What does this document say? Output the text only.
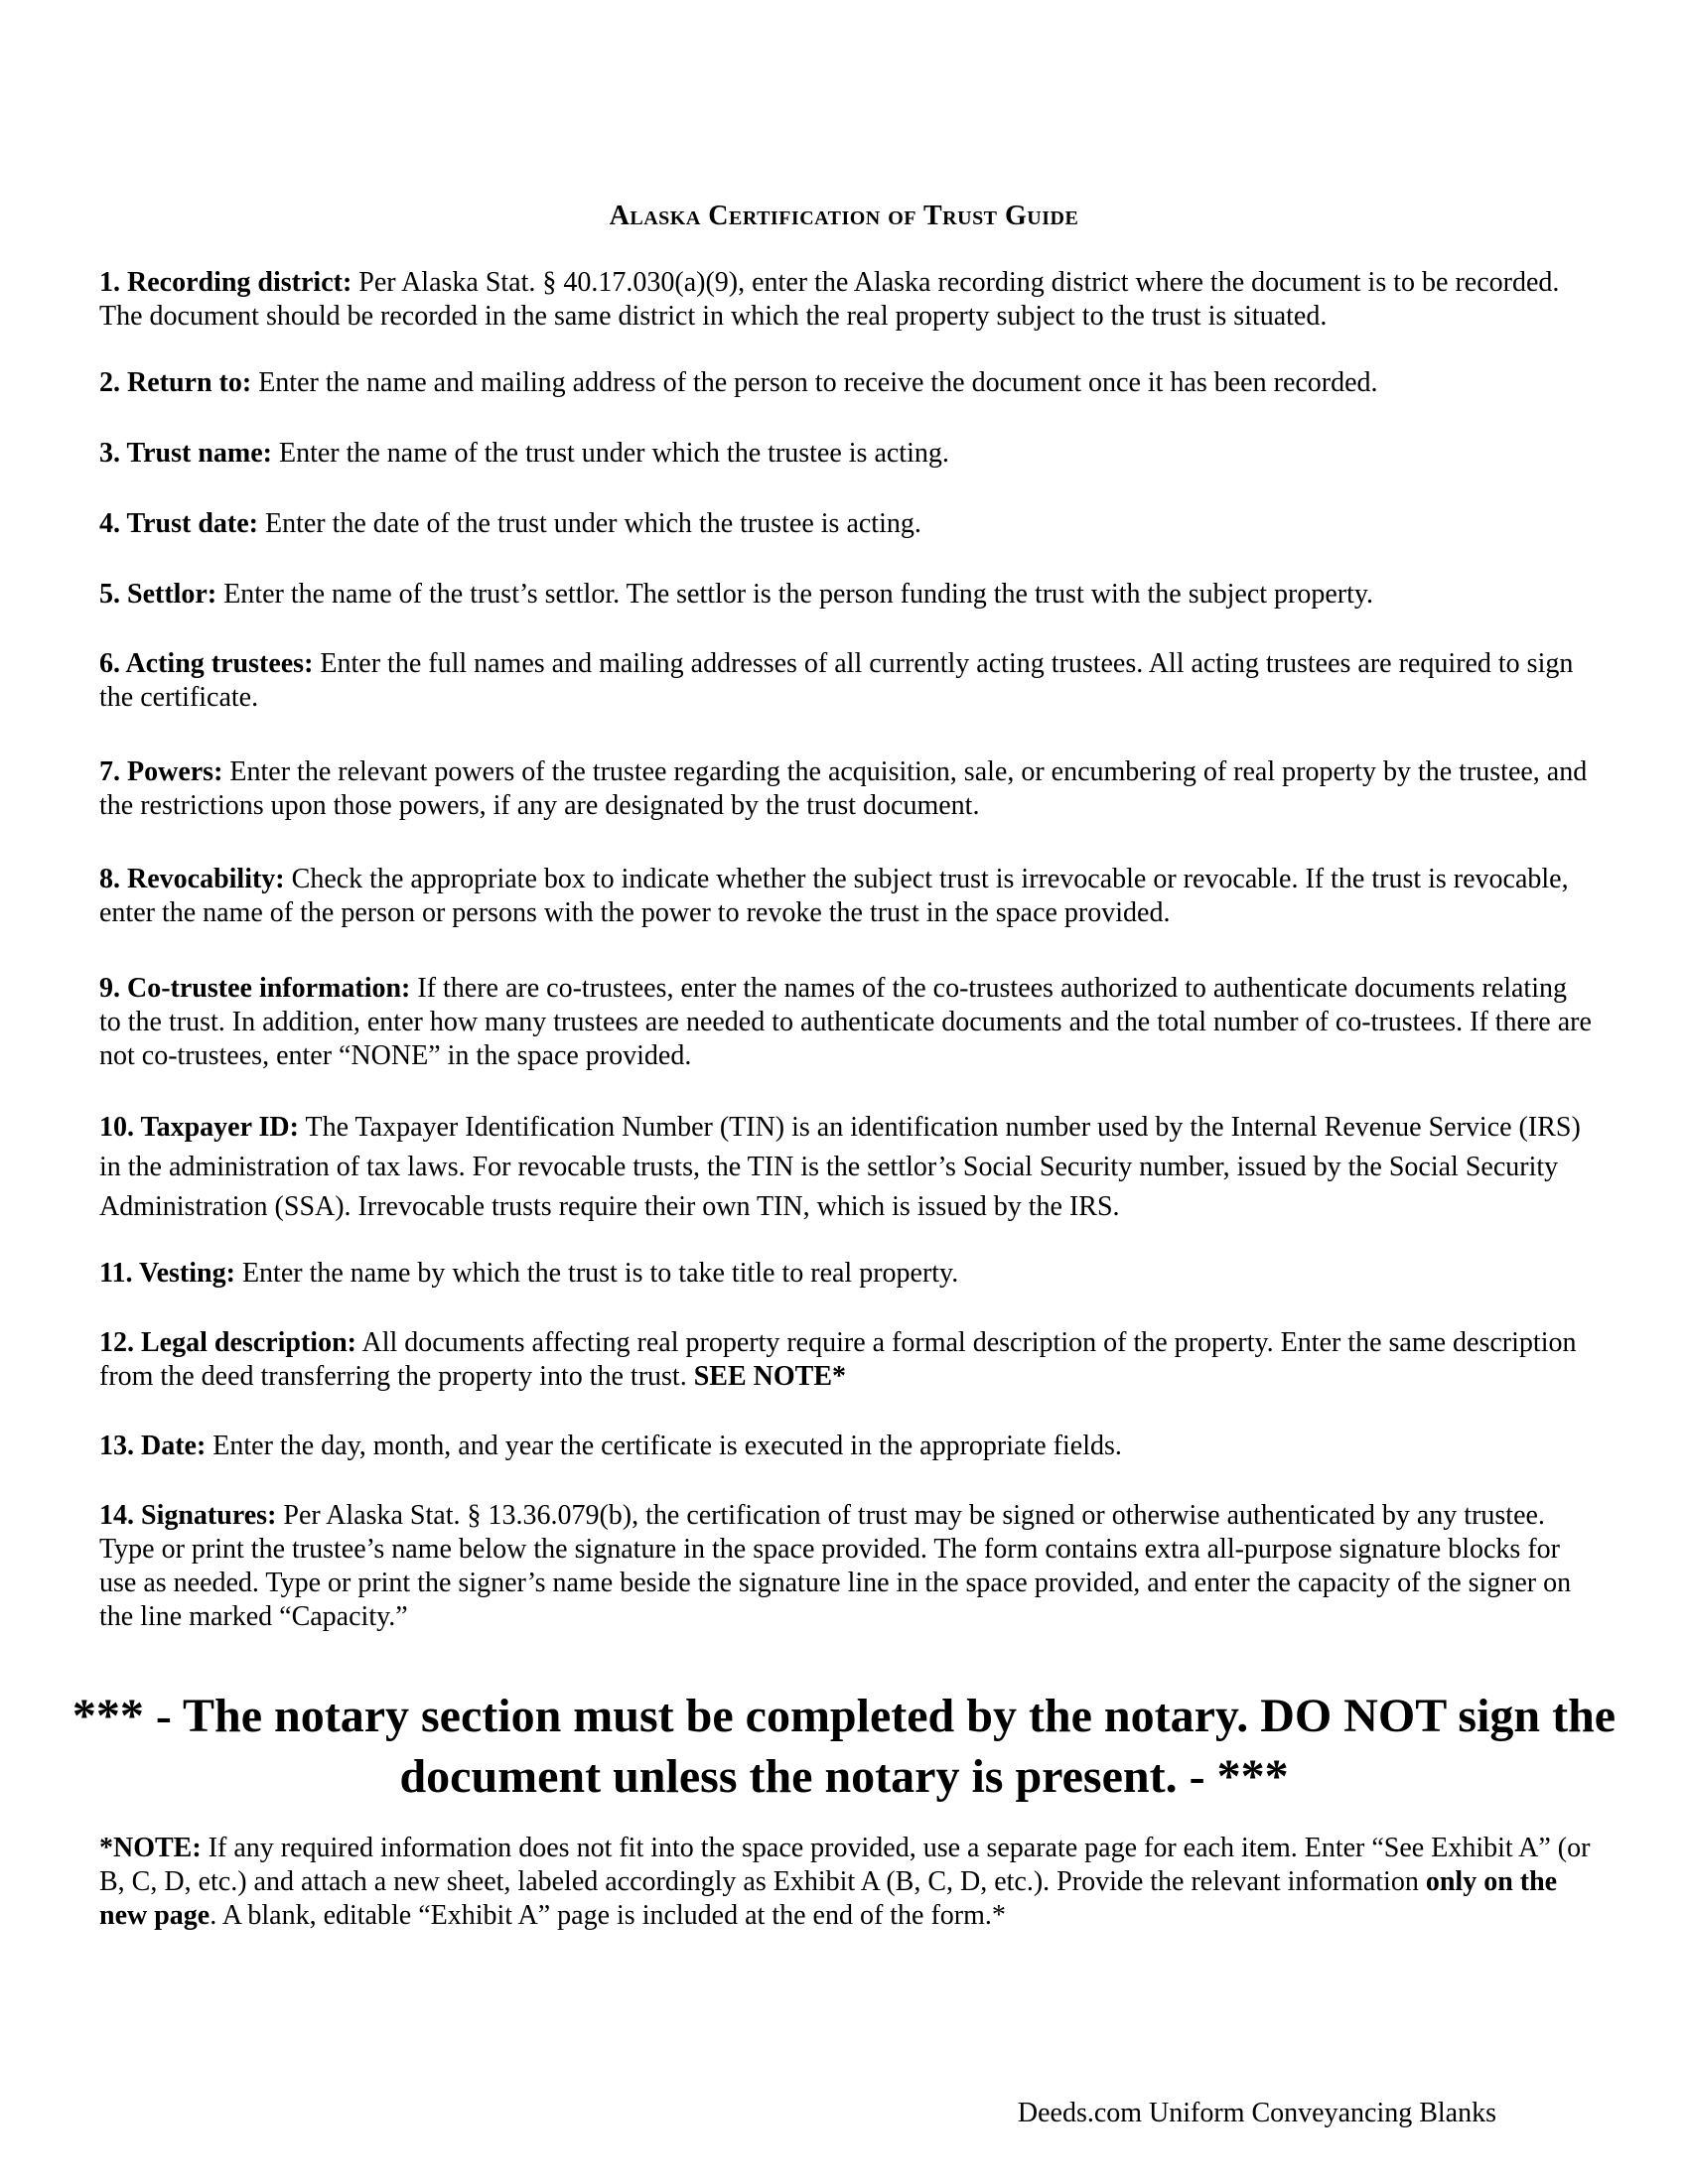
Alaska Certification of Trust Guide
1. Recording district: Per Alaska Stat. § 40.17.030(a)(9), enter the Alaska recording district where the document is to be recorded. The document should be recorded in the same district in which the real property subject to the trust is situated.
2. Return to: Enter the name and mailing address of the person to receive the document once it has been recorded.
3. Trust name: Enter the name of the trust under which the trustee is acting.
4. Trust date: Enter the date of the trust under which the trustee is acting.
5. Settlor: Enter the name of the trust’s settlor. The settlor is the person funding the trust with the subject property.
6. Acting trustees: Enter the full names and mailing addresses of all currently acting trustees. All acting trustees are required to sign the certificate.
7. Powers: Enter the relevant powers of the trustee regarding the acquisition, sale, or encumbering of real property by the trustee, and the restrictions upon those powers, if any are designated by the trust document.
8. Revocability: Check the appropriate box to indicate whether the subject trust is irrevocable or revocable. If the trust is revocable, enter the name of the person or persons with the power to revoke the trust in the space provided.
9. Co-trustee information: If there are co-trustees, enter the names of the co-trustees authorized to authenticate documents relating to the trust. In addition, enter how many trustees are needed to authenticate documents and the total number of co-trustees. If there are not co-trustees, enter “NONE” in the space provided.
10. Taxpayer ID: The Taxpayer Identification Number (TIN) is an identification number used by the Internal Revenue Service (IRS) in the administration of tax laws. For revocable trusts, the TIN is the settlor’s Social Security number, issued by the Social Security Administration (SSA). Irrevocable trusts require their own TIN, which is issued by the IRS.
11. Vesting: Enter the name by which the trust is to take title to real property.
12. Legal description: All documents affecting real property require a formal description of the property. Enter the same description from the deed transferring the property into the trust. SEE NOTE*
13. Date: Enter the day, month, and year the certificate is executed in the appropriate fields.
14. Signatures: Per Alaska Stat. § 13.36.079(b), the certification of trust may be signed or otherwise authenticated by any trustee. Type or print the trustee’s name below the signature in the space provided. The form contains extra all-purpose signature blocks for use as needed. Type or print the signer’s name beside the signature line in the space provided, and enter the capacity of the signer on the line marked “Capacity.”
*** - The notary section must be completed by the notary. DO NOT sign the document unless the notary is present. - ***
*NOTE: If any required information does not fit into the space provided, use a separate page for each item. Enter “See Exhibit A” (or B, C, D, etc.) and attach a new sheet, labeled accordingly as Exhibit A (B, C, D, etc.). Provide the relevant information only on the new page. A blank, editable “Exhibit A” page is included at the end of the form.*
Deeds.com Uniform Conveyancing Blanks
